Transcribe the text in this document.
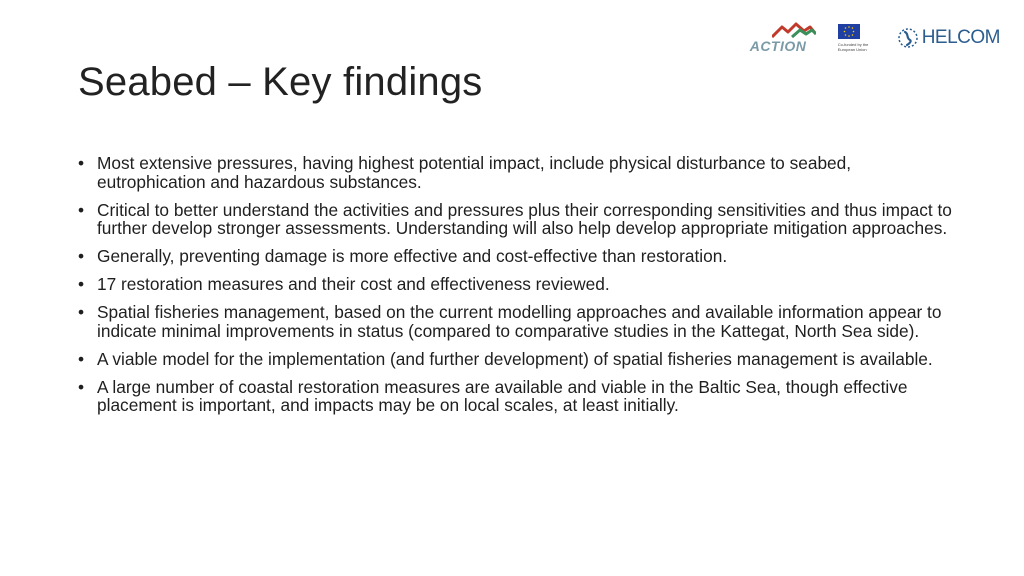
ACTION	Co-funded by the European Union
HELCOM
Seabed – Key findings
• Most extensive pressures, having highest potential impact, include physical disturbance to seabed, eutrophication and hazardous substances.
• Critical to better understand the activities and pressures plus their corresponding sensitivities and thus impact to further develop stronger assessments. Understanding will also help develop appropriate mitigation approaches.
• Generally, preventing damage is more effective and cost-effective than restoration.
• 17 restoration measures and their cost and effectiveness reviewed.
• Spatial fisheries management, based on the current modelling approaches and available information appear to indicate minimal improvements in status (compared to comparative studies in the Kattegat, North Sea side).
• A viable model for the implementation (and further development) of spatial fisheries management is available.
• A large number of coastal restoration measures are available and viable in the Baltic Sea, though effective placement is important, and impacts may be on local scales, at least initially.
